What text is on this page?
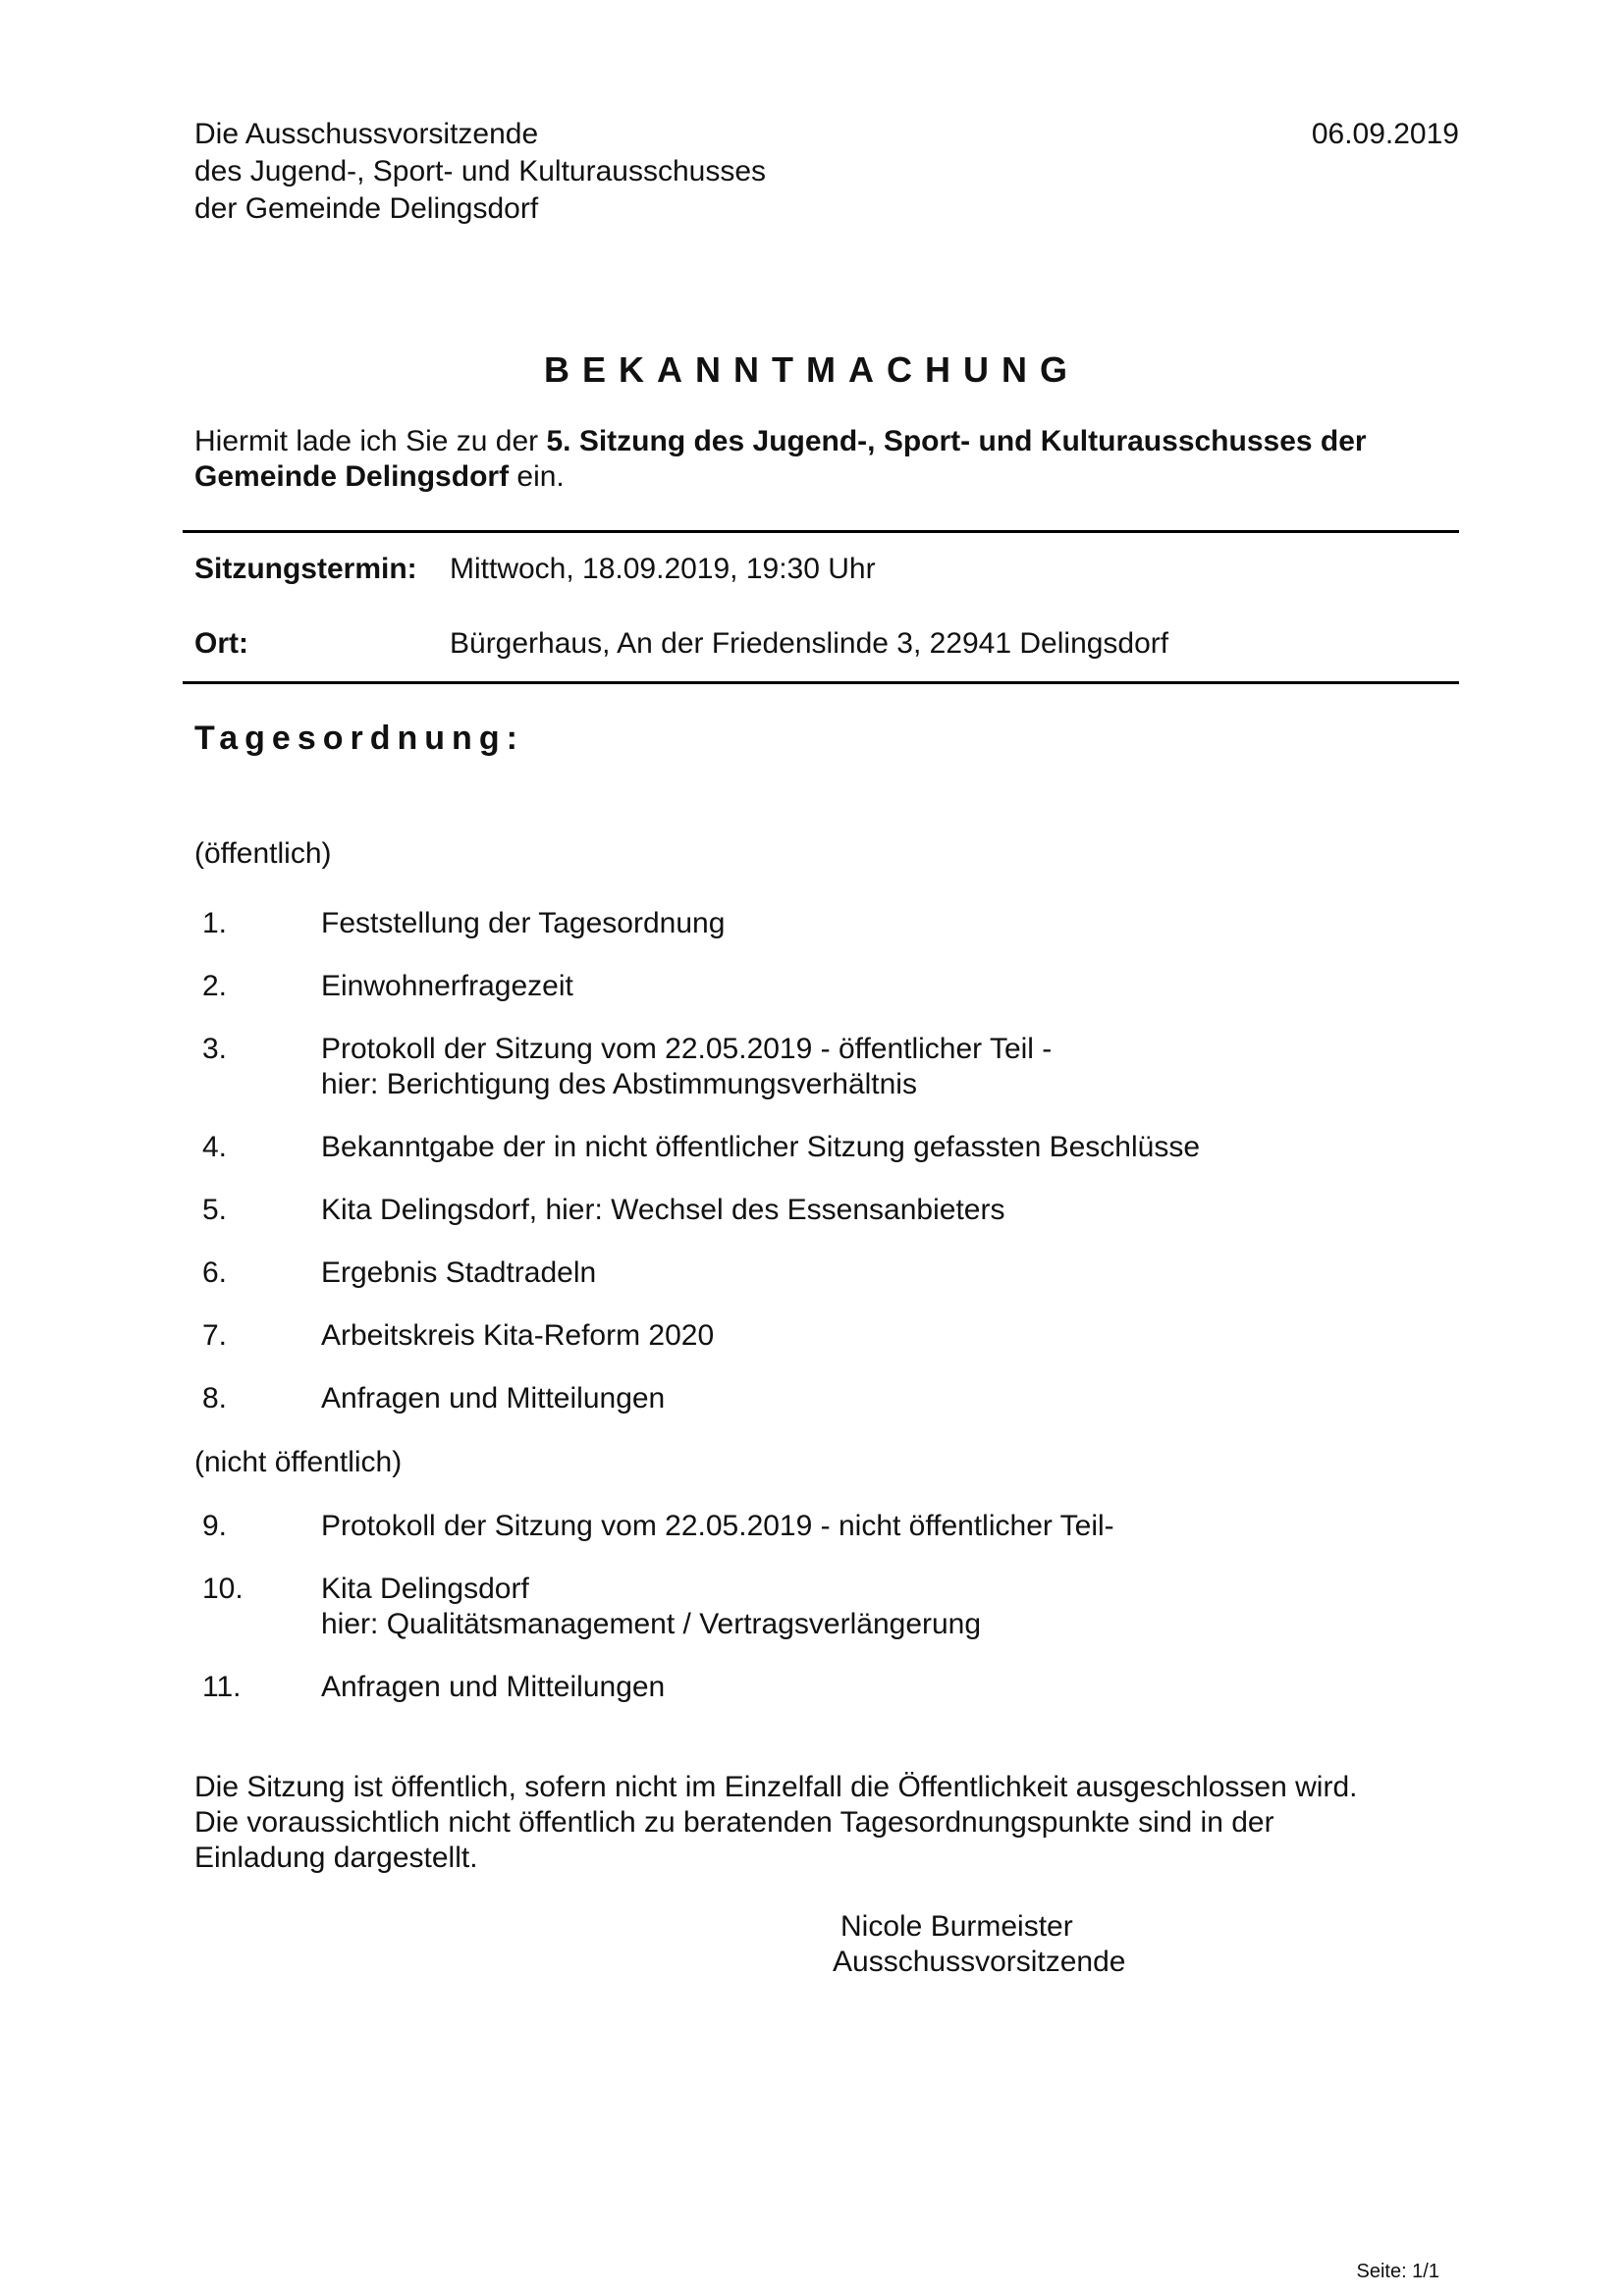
Die Ausschussvorsitzende
des Jugend-, Sport- und Kulturausschusses
der Gemeinde Delingsdorf
06.09.2019
BEKANNTMACHUNG
Hiermit lade ich Sie zu der 5. Sitzung des Jugend-, Sport- und Kulturausschusses der
Gemeinde Delingsdorf ein.
Sitzungstermin: Mittwoch, 18.09.2019, 19:30 Uhr
Ort:	Bürgerhaus, An der Friedenslinde 3, 22941 Delingsdorf
Tagesordnung:
(öffentlich)
1.	Feststellung der Tagesordnung
2.	Einwohnerfragezeit
3.	Protokoll der Sitzung vom 22.05.2019 - öffentlicher Teil -
hier: Berichtigung des Abstimmungsverhältnis
4.	Bekanntgabe der in nicht öffentlicher Sitzung gefassten Beschlüsse
5.	Kita Delingsdorf, hier: Wechsel des Essensanbieters
6.	Ergebnis Stadtradeln
7.	Arbeitskreis Kita-Reform 2020
8.	Anfragen und Mitteilungen
(nicht öffentlich)
9.	Protokoll der Sitzung vom 22.05.2019 - nicht öffentlicher Teil-
10.	Kita Delingsdorf
hier: Qualitätsmanagement / Vertragsverlängerung
11.	Anfragen und Mitteilungen
Die Sitzung ist öffentlich, sofern nicht im Einzelfall die Öffentlichkeit ausgeschlossen wird.
Die voraussichtlich nicht öffentlich zu beratenden Tagesordnungspunkte sind in der
Einladung dargestellt.
Nicole Burmeister
Ausschussvorsitzende
Seite: 1/1
